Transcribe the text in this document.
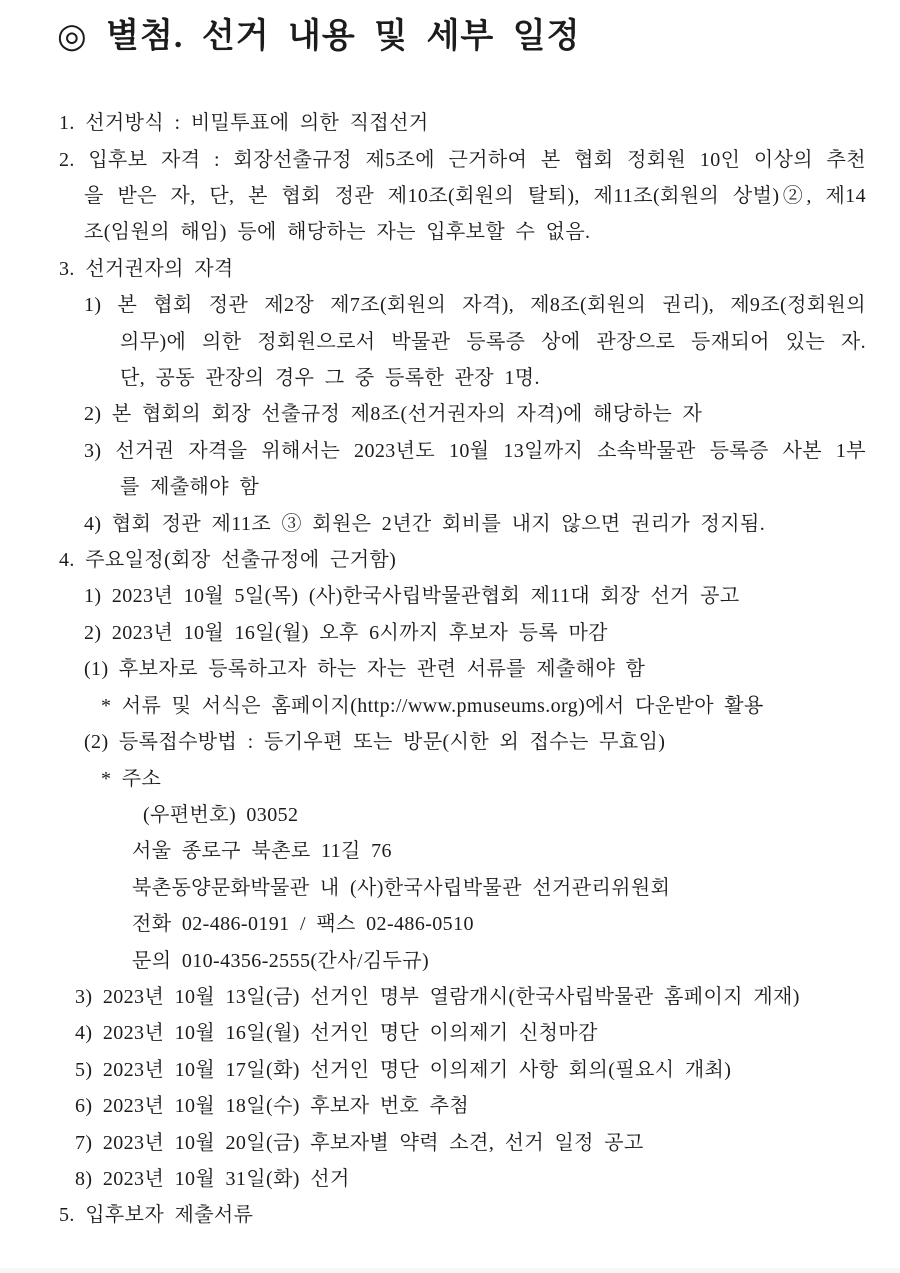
◎ 별첨. 선거 내용 및 세부 일정
1. 선거방식 : 비밀투표에 의한 직접선거
2. 입후보 자격 : 회장선출규정 제5조에 근거하여 본 협회 정회원 10인 이상의 추천
을 받은 자, 단, 본 협회 정관 제10조(회원의 탈퇴), 제11조(회원의 상벌)②, 제14
조(임원의 해임) 등에 해당하는 자는 입후보할 수 없음.
3. 선거권자의 자격
1) 본 협회 정관 제2장 제7조(회원의 자격), 제8조(회원의 권리), 제9조(정회원의
의무)에 의한 정회원으로서 박물관 등록증 상에 관장으로 등재되어 있는 자.
단, 공동 관장의 경우 그 중 등록한 관장 1명.
2) 본 협회의 회장 선출규정 제8조(선거권자의 자격)에 해당하는 자
3) 선거권 자격을 위해서는 2023년도 10월 13일까지 소속박물관 등록증 사본 1부
를 제출해야 함
4) 협회 정관 제11조 ③ 회원은 2년간 회비를 내지 않으면 권리가 정지됨.
4. 주요일정(회장 선출규정에 근거함)
1) 2023년 10월 5일(목) (사)한국사립박물관협회 제11대 회장 선거 공고
2) 2023년 10월 16일(월) 오후 6시까지 후보자 등록 마감
(1) 후보자로 등록하고자 하는 자는 관련 서류를 제출해야 함
* 서류 및 서식은 홈페이지(http://www.pmuseums.org)에서 다운받아 활용
(2) 등록접수방법 : 등기우편 또는 방문(시한 외 접수는 무효임)
* 주소
(우편번호) 03052
서울 종로구 북촌로 11길 76
북촌동양문화박물관 내 (사)한국사립박물관 선거관리위원회
전화 02-486-0191 / 팩스 02-486-0510
문의 010-4356-2555(간사/김두규)
3) 2023년 10월 13일(금) 선거인 명부 열람개시(한국사립박물관 홈페이지 게재)
4) 2023년 10월 16일(월) 선거인 명단 이의제기 신청마감
5) 2023년 10월 17일(화) 선거인 명단 이의제기 사항 회의(필요시 개최)
6) 2023년 10월 18일(수) 후보자 번호 추첨
7) 2023년 10월 20일(금) 후보자별 약력 소견, 선거 일정 공고
8) 2023년 10월 31일(화) 선거
5. 입후보자 제출서류
